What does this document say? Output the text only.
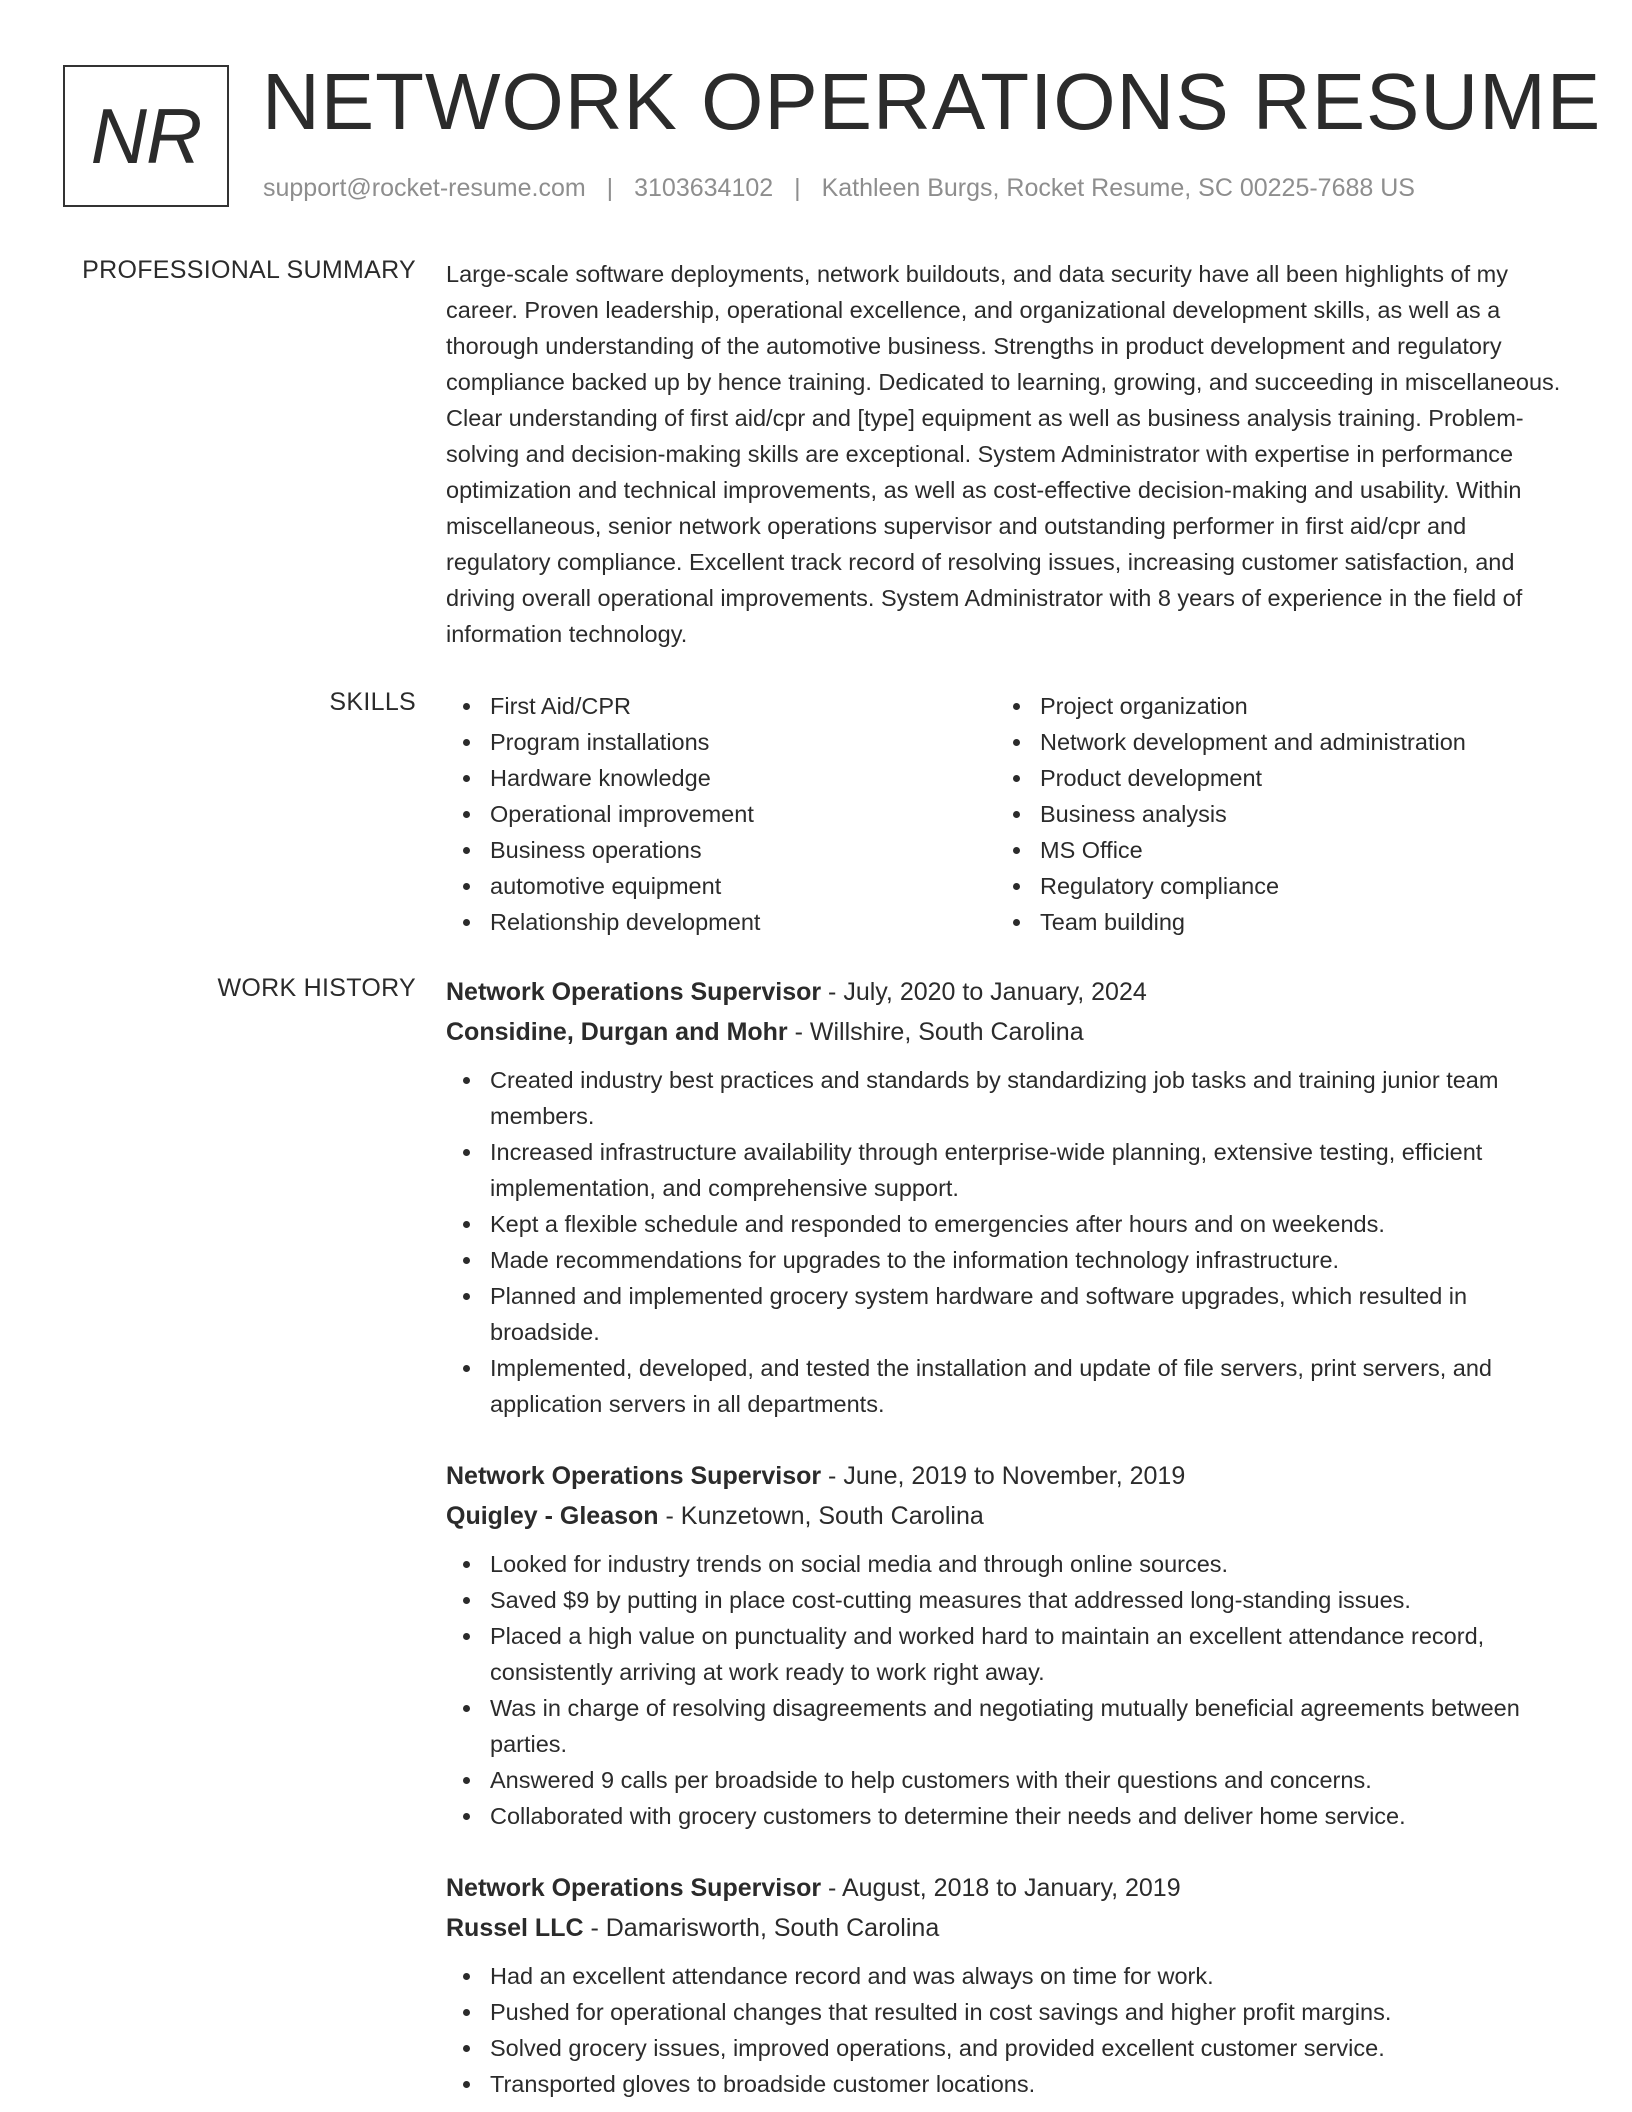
NR NETWORK OPERATIONS RESUME
support@rocket-resume.com | 3103634102 | Kathleen Burgs, Rocket Resume, SC 00225-7688 US
PROFESSIONAL SUMMARY Large-scale software deployments, network buildouts, and data security have all been highlights of my career. Proven leadership, operational excellence, and organizational development skills, as well as a thorough understanding of the automotive business. Strengths in product development and regulatory compliance backed up by hence training. Dedicated to learning, growing, and succeeding in miscellaneous. Clear understanding of first aid/cpr and [type] equipment as well as business analysis training. Problem-solving and decision-making skills are exceptional. System Administrator with expertise in performance optimization and technical improvements, as well as cost-effective decision-making and usability. Within miscellaneous, senior network operations supervisor and outstanding performer in first aid/cpr and regulatory compliance. Excellent track record of resolving issues, increasing customer satisfaction, and driving overall operational improvements. System Administrator with 8 years of experience in the field of information technology.

SKILLS	First Aid/CPR
Program installations
Hardware knowledge
Operational improvement
Business operations
automotive equipment
Relationship development
Project organization
Network development and administration
Product development
Business analysis
MS Office
Regulatory compliance
Team building
WORK HISTORY Network Operations Supervisor - July, 2020 to January, 2024
Considine, Durgan and Mohr - Willshire, South Carolina
Created industry best practices and standards by standardizing job tasks and training junior team members.
Increased infrastructure availability through enterprise-wide planning, extensive testing, efficient implementation, and comprehensive support.
Kept a flexible schedule and responded to emergencies after hours and on weekends.
Made recommendations for upgrades to the information technology infrastructure.
Planned and implemented grocery system hardware and software upgrades, which resulted in broadside.
Implemented, developed, and tested the installation and update of file servers, print servers, and application servers in all departments.
Network Operations Supervisor - June, 2019 to November, 2019
Quigley - Gleason - Kunzetown, South Carolina
Looked for industry trends on social media and through online sources.
Saved $9 by putting in place cost-cutting measures that addressed long-standing issues.
Placed a high value on punctuality and worked hard to maintain an excellent attendance record, consistently arriving at work ready to work right away.
Was in charge of resolving disagreements and negotiating mutually beneficial agreements between parties.
Answered 9 calls per broadside to help customers with their questions and concerns.
Collaborated with grocery customers to determine their needs and deliver home service.
Network Operations Supervisor - August, 2018 to January, 2019
Russel LLC - Damarisworth, South Carolina
Had an excellent attendance record and was always on time for work.
Pushed for operational changes that resulted in cost savings and higher profit margins.
Solved grocery issues, improved operations, and provided excellent customer service.
Transported gloves to broadside customer locations.
